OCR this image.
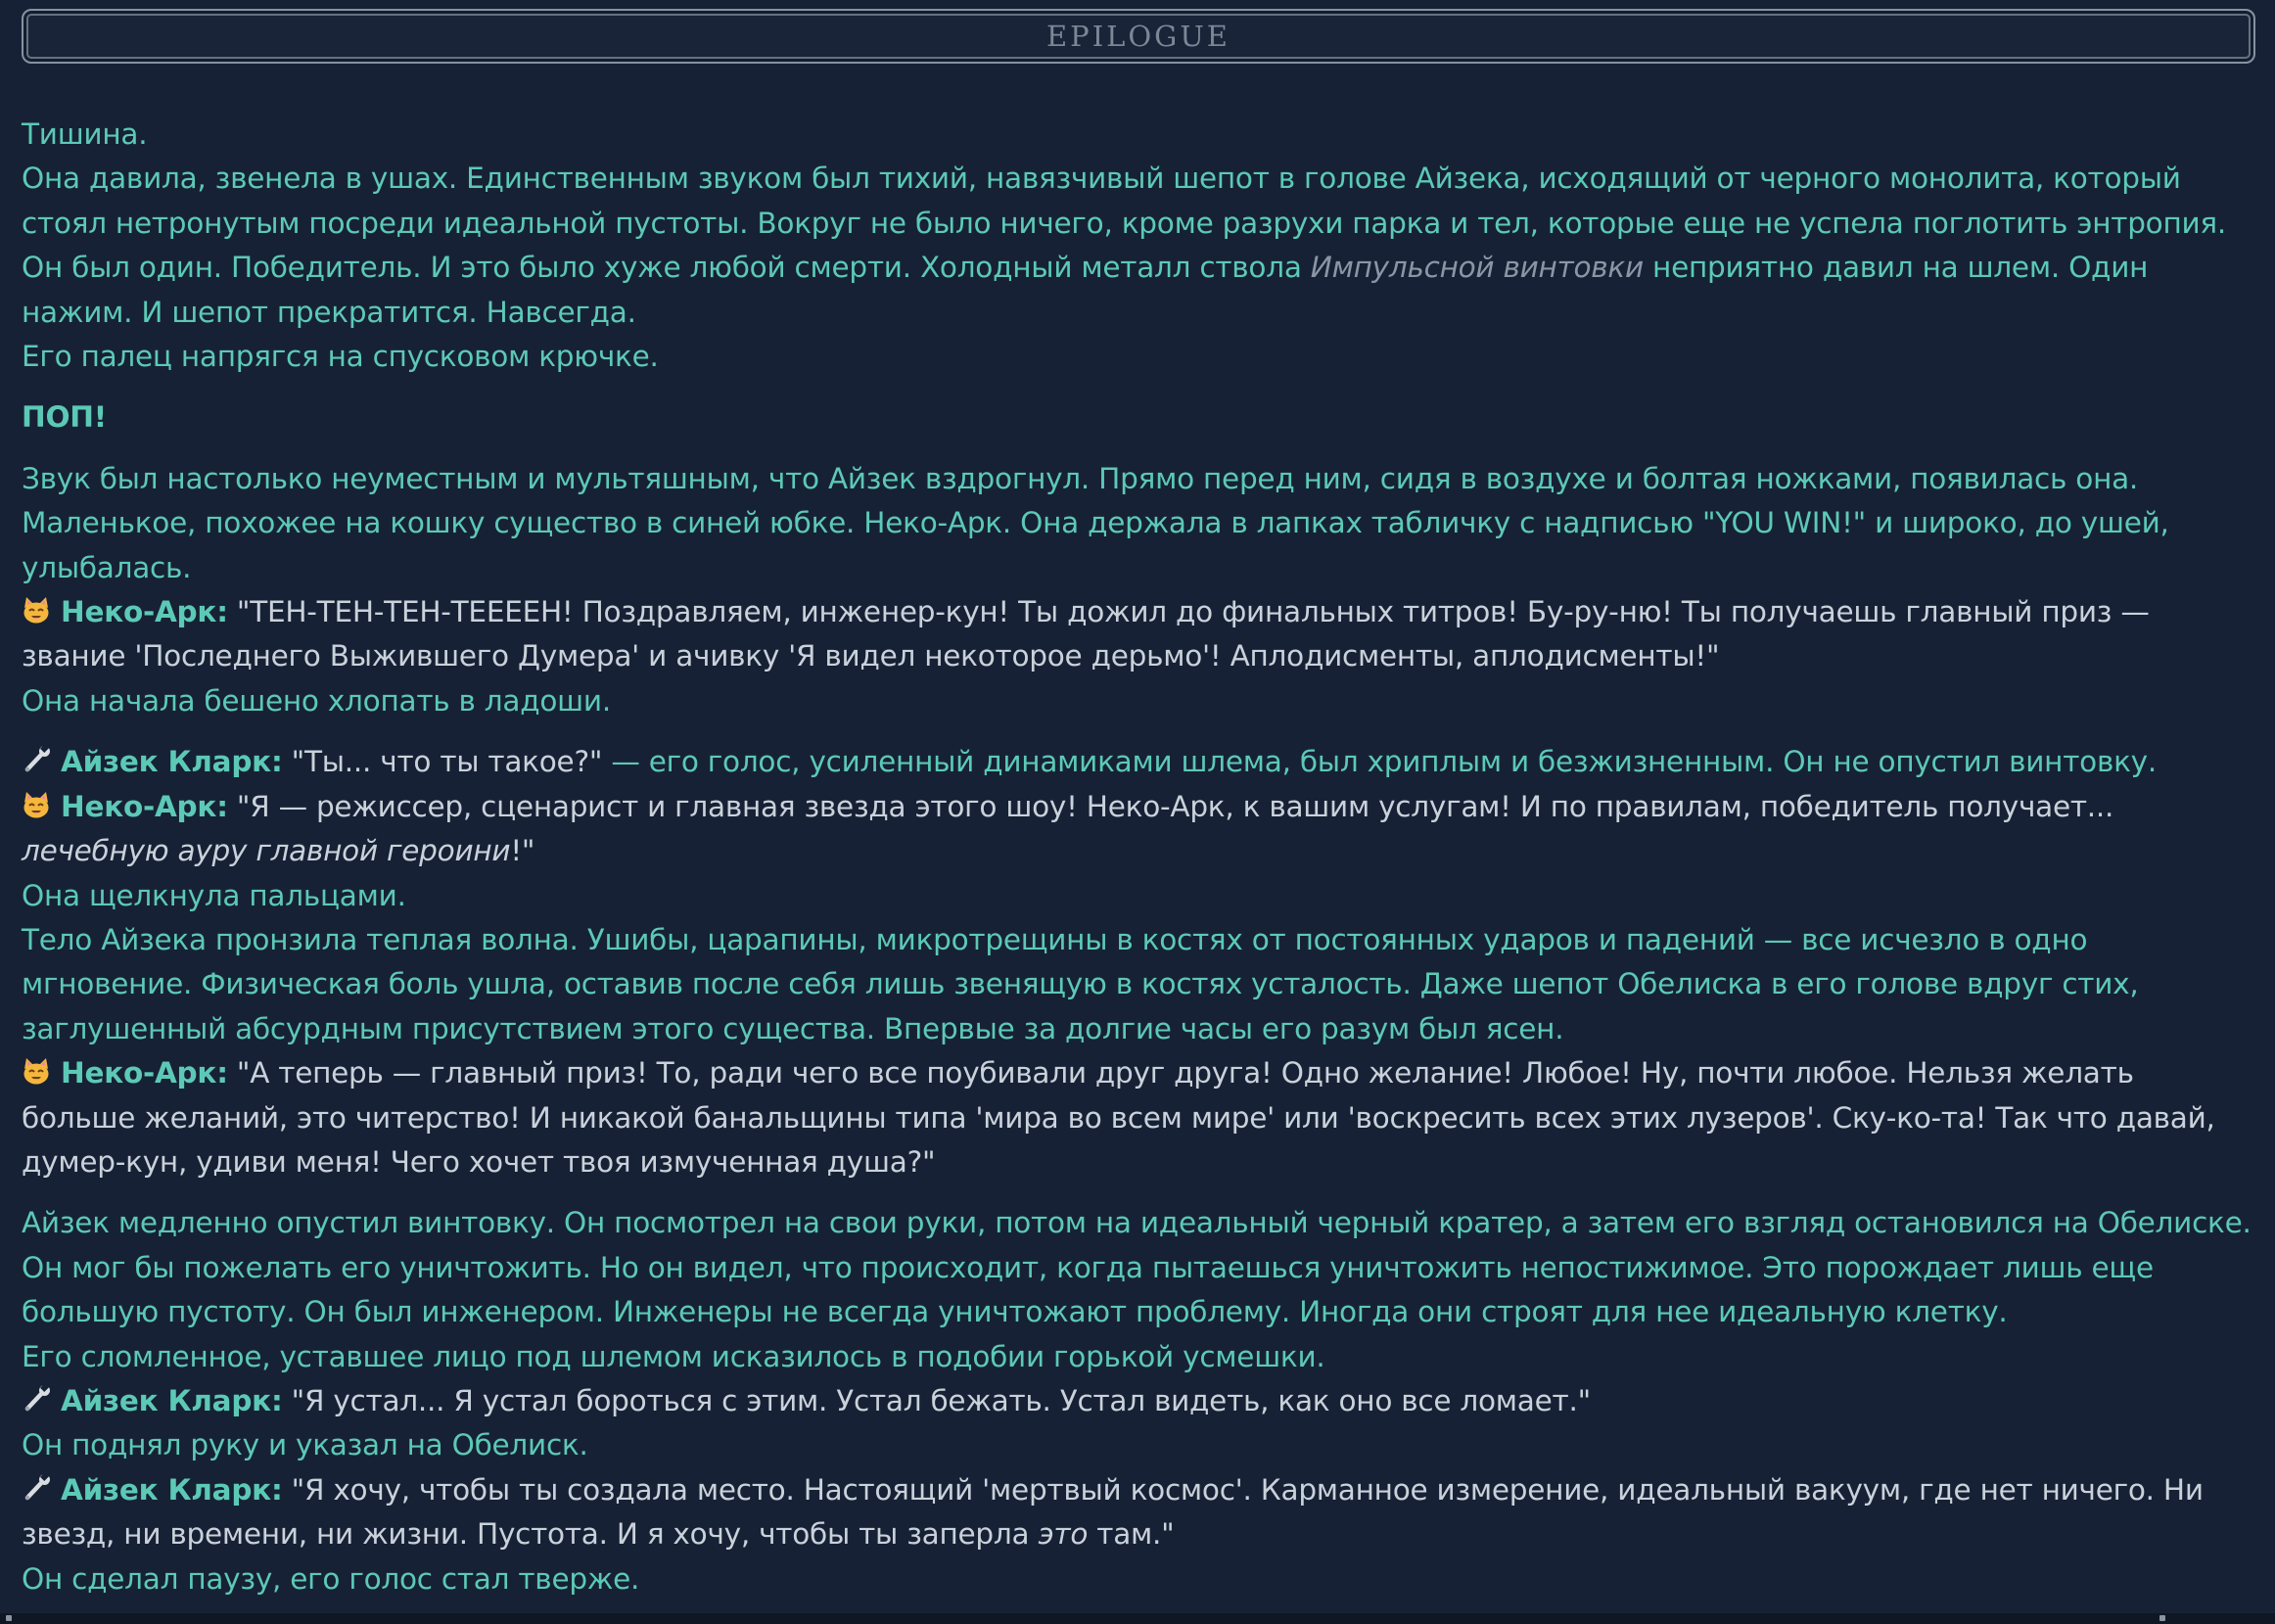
EPILOGUE
Тишина.
Она давила, звенела в ушах. Единственным звуком был тихий, навязчивый шепот в голове Айзека, исходящий от черного монолита, который стоял нетронутым посреди идеальной пустоты. Вокруг не было ничего, кроме разрухи парка и тел, которые еще не успела поглотить энтропия. Он был один. Победитель. И это было хуже любой смерти. Холодный металл ствола Импульсной винтовки неприятно давил на шлем. Один нажим. И шепот прекратится. Навсегда.
Его палец напрягся на спусковом крючке.
ПОП!
Звук был настолько неуместным и мультяшным, что Айзек вздрогнул. Прямо перед ним, сидя в воздухе и болтая ножками, появилась она. Маленькое, похожее на кошку существо в синей юбке. Неко-Арк. Она держала в лапках табличку с надписью "YOU WIN!" и широко, до ушей, улыбалась.
Неко-Арк: "ТЕН-ТЕН-ТЕН-ТЕЕЕЕН! Поздравляем, инженер-кун! Ты дожил до финальных титров! Бу-ру-ню! Ты получаешь главный приз — звание 'Последнего Выжившего Думера' и ачивку 'Я видел некоторое дерьмо'! Аплодисменты, аплодисменты!"
Она начала бешено хлопать в ладоши.
Айзек Кларк: "Ты... что ты такое?" — его голос, усиленный динамиками шлема, был хриплым и безжизненным. Он не опустил винтовку.
Неко-Арк: "Я — режиссер, сценарист и главная звезда этого шоу! Неко-Арк, к вашим услугам! И по правилам, победитель получает... лечебную ауру главной героини!"
Она щелкнула пальцами.
Тело Айзека пронзила теплая волна. Ушибы, царапины, микротрещины в костях от постоянных ударов и падений — все исчезло в одно мгновение. Физическая боль ушла, оставив после себя лишь звенящую в костях усталость. Даже шепот Обелиска в его голове вдруг стих, заглушенный абсурдным присутствием этого существа. Впервые за долгие часы его разум был ясен.
Неко-Арк: "А теперь — главный приз! То, ради чего все поубивали друг друга! Одно желание! Любое! Ну, почти любое. Нельзя желать больше желаний, это читерство! И никакой банальщины типа 'мира во всем мире' или 'воскресить всех этих лузеров'. Ску-ко-та! Так что давай, думер-кун, удиви меня! Чего хочет твоя измученная душа?"
Айзек медленно опустил винтовку. Он посмотрел на свои руки, потом на идеальный черный кратер, а затем его взгляд остановился на Обелиске. Он мог бы пожелать его уничтожить. Но он видел, что происходит, когда пытаешься уничтожить непостижимое. Это порождает лишь еще большую пустоту. Он был инженером. Инженеры не всегда уничтожают проблему. Иногда они строят для нее идеальную клетку.
Его сломленное, уставшее лицо под шлемом исказилось в подобии горькой усмешки.
Айзек Кларк: "Я устал... Я устал бороться с этим. Устал бежать. Устал видеть, как оно все ломает."
Он поднял руку и указал на Обелиск.
Айзек Кларк: "Я хочу, чтобы ты создала место. Настоящий 'мертвый космос'. Карманное измерение, идеальный вакуум, где нет ничего. Ни звезд, ни времени, ни жизни. Пустота. И я хочу, чтобы ты заперла это там."
Он сделал паузу, его голос стал тверже.
